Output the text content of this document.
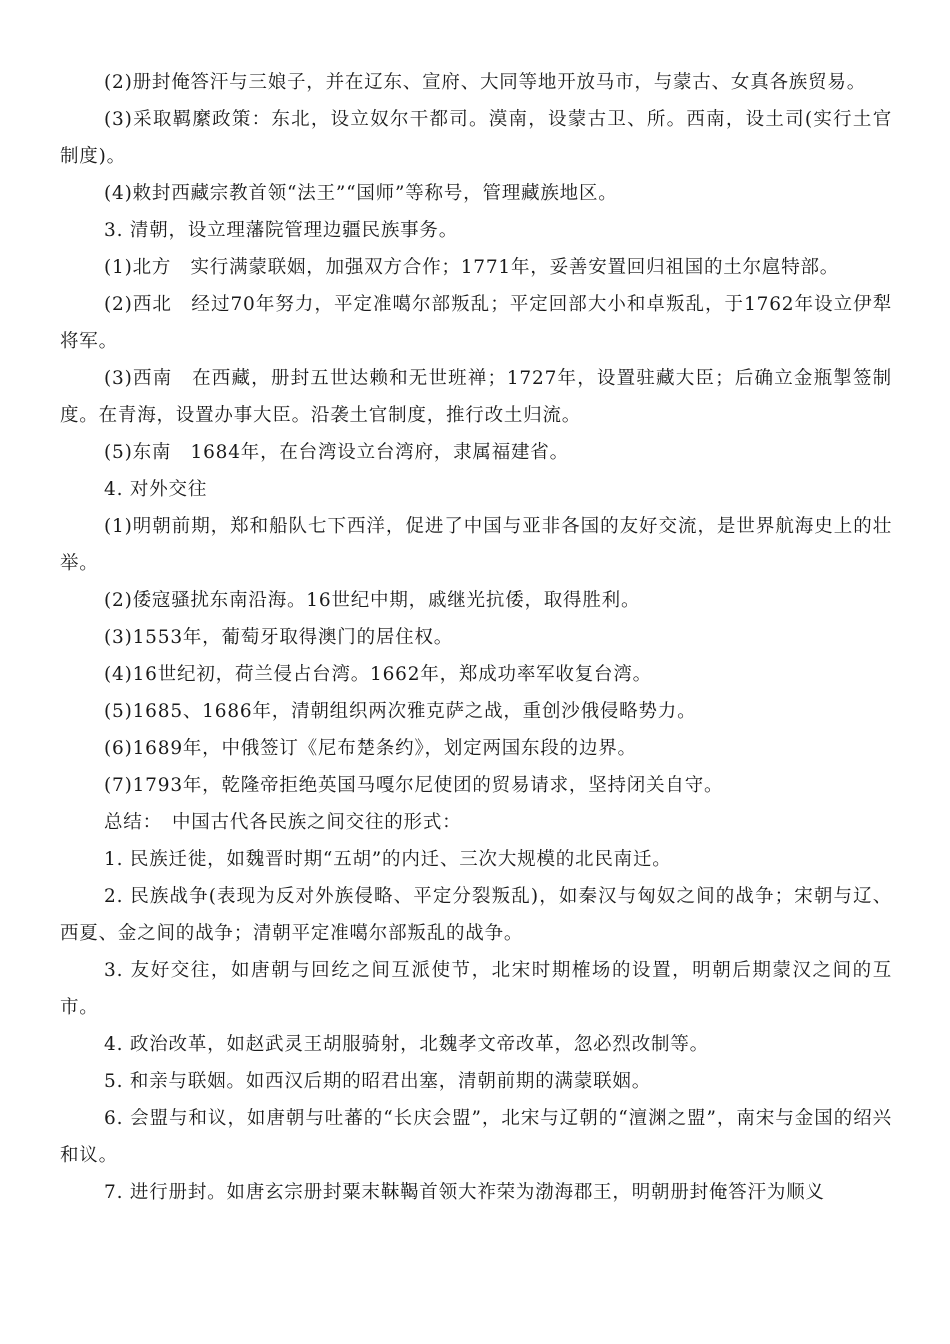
(2)册封俺答汗与三娘子，并在辽东、宣府、大同等地开放马市，与蒙古、女真各族贸易。

(3)采取羁縻政策：东北，设立奴尔干都司。漠南，设蒙古卫、所。西南，设土司(实行土官制度)。

(4)敕封西藏宗教首领“法王”“国师”等称号，管理藏族地区。

3. 清朝，设立理藩院管理边疆民族事务。

(1)北方　实行满蒙联姻，加强双方合作；1771年，妥善安置回归祖国的土尔扈特部。

(2)西北　经过70年努力，平定准噶尔部叛乱；平定回部大小和卓叛乱，于1762年设立伊犁将军。

(3)西南　在西藏，册封五世达赖和无世班禅；1727年，设置驻藏大臣；后确立金瓶掣签制度。在青海，设置办事大臣。沿袭土官制度，推行改土归流。

(5)东南　1684年，在台湾设立台湾府，隶属福建省。

4. 对外交往

(1)明朝前期，郑和船队七下西洋，促进了中国与亚非各国的友好交流，是世界航海史上的壮举。

(2)倭寇骚扰东南沿海。16世纪中期，戚继光抗倭，取得胜利。

(3)1553年，葡萄牙取得澳门的居住权。

(4)16世纪初，荷兰侵占台湾。1662年，郑成功率军收复台湾。

(5)1685、1686年，清朝组织两次雅克萨之战，重创沙俄侵略势力。

(6)1689年，中俄签订《尼布楚条约》，划定两国东段的边界。

(7)1793年，乾隆帝拒绝英国马嘎尔尼使团的贸易请求，坚持闭关自守。

总结：　中国古代各民族之间交往的形式：

1. 民族迁徙，如魏晋时期“五胡”的内迁、三次大规模的北民南迁。

2. 民族战争(表现为反对外族侵略、平定分裂叛乱)，如秦汉与匈奴之间的战争；宋朝与辽、西夏、金之间的战争；清朝平定准噶尔部叛乱的战争。

3. 友好交往，如唐朝与回纥之间互派使节，北宋时期榷场的设置，明朝后期蒙汉之间的互市。

4. 政治改革，如赵武灵王胡服骑射，北魏孝文帝改革，忽必烈改制等。

5. 和亲与联姻。如西汉后期的昭君出塞，清朝前期的满蒙联姻。

6. 会盟与和议，如唐朝与吐蕃的“长庆会盟”，北宋与辽朝的“澶渊之盟”，南宋与金国的绍兴和议。

7. 进行册封。如唐玄宗册封粟末靺鞨首领大祚荣为渤海郡王，明朝册封俺答汗为顺义
